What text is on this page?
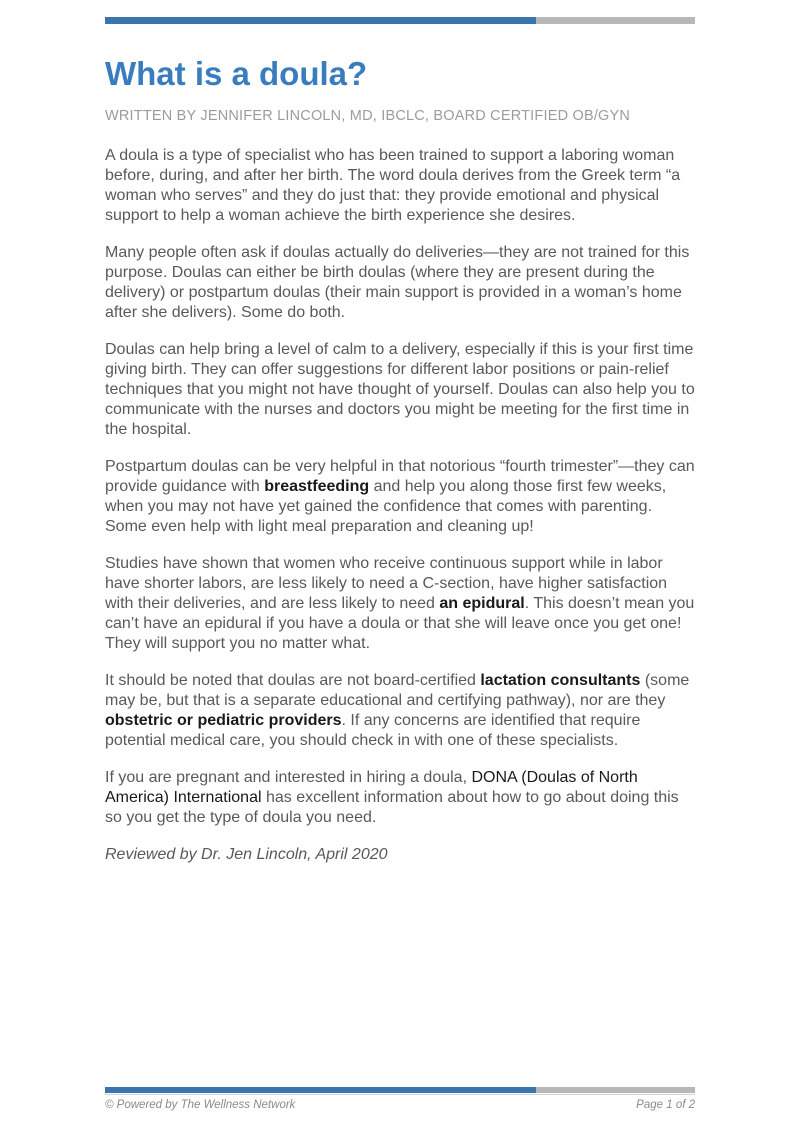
What is a doula?
WRITTEN BY JENNIFER LINCOLN, MD, IBCLC, BOARD CERTIFIED OB/GYN

A doula is a type of specialist who has been trained to support a laboring woman before, during, and after her birth. The word doula derives from the Greek term “a woman who serves” and they do just that: they provide emotional and physical support to help a woman achieve the birth experience she desires.

Many people often ask if doulas actually do deliveries—they are not trained for this purpose. Doulas can either be birth doulas (where they are present during the delivery) or postpartum doulas (their main support is provided in a woman’s home after she delivers). Some do both.

Doulas can help bring a level of calm to a delivery, especially if this is your first time giving birth. They can offer suggestions for different labor positions or pain-relief techniques that you might not have thought of yourself. Doulas can also help you to communicate with the nurses and doctors you might be meeting for the first time in the hospital.

Postpartum doulas can be very helpful in that notorious “fourth trimester”—they can provide guidance with breastfeeding and help you along those first few weeks, when you may not have yet gained the confidence that comes with parenting. Some even help with light meal preparation and cleaning up!

Studies have shown that women who receive continuous support while in labor have shorter labors, are less likely to need a C-section, have higher satisfaction with their deliveries, and are less likely to need an epidural. This doesn’t mean you can’t have an epidural if you have a doula or that she will leave once you get one! They will support you no matter what.

It should be noted that doulas are not board-certified lactation consultants (some may be, but that is a separate educational and certifying pathway), nor are they obstetric or pediatric providers. If any concerns are identified that require potential medical care, you should check in with one of these specialists.

If you are pregnant and interested in hiring a doula, DONA (Doulas of North America) International has excellent information about how to go about doing this so you get the type of doula you need.

Reviewed by Dr. Jen Lincoln, April 2020

© Powered by The Wellness Network	Page 1 of 2
